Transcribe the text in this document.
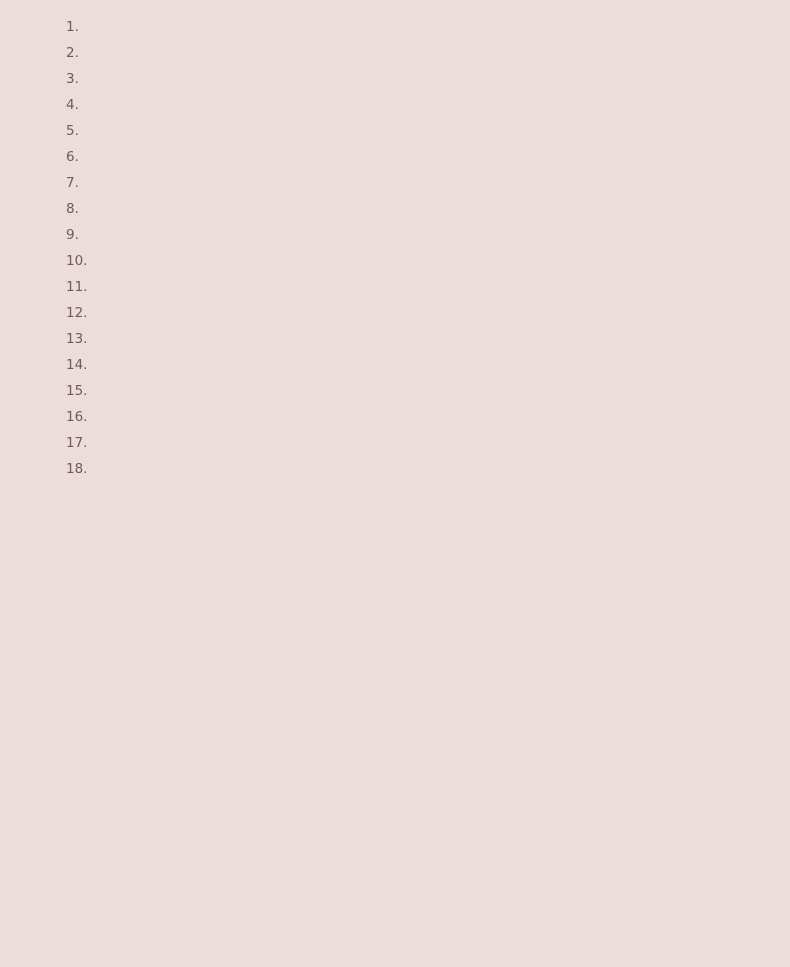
1.

2.

3.

4.

5.

6.

7.

8.

9.

10.

11.

12.

13.

14.

15.

16.

17.

18.
